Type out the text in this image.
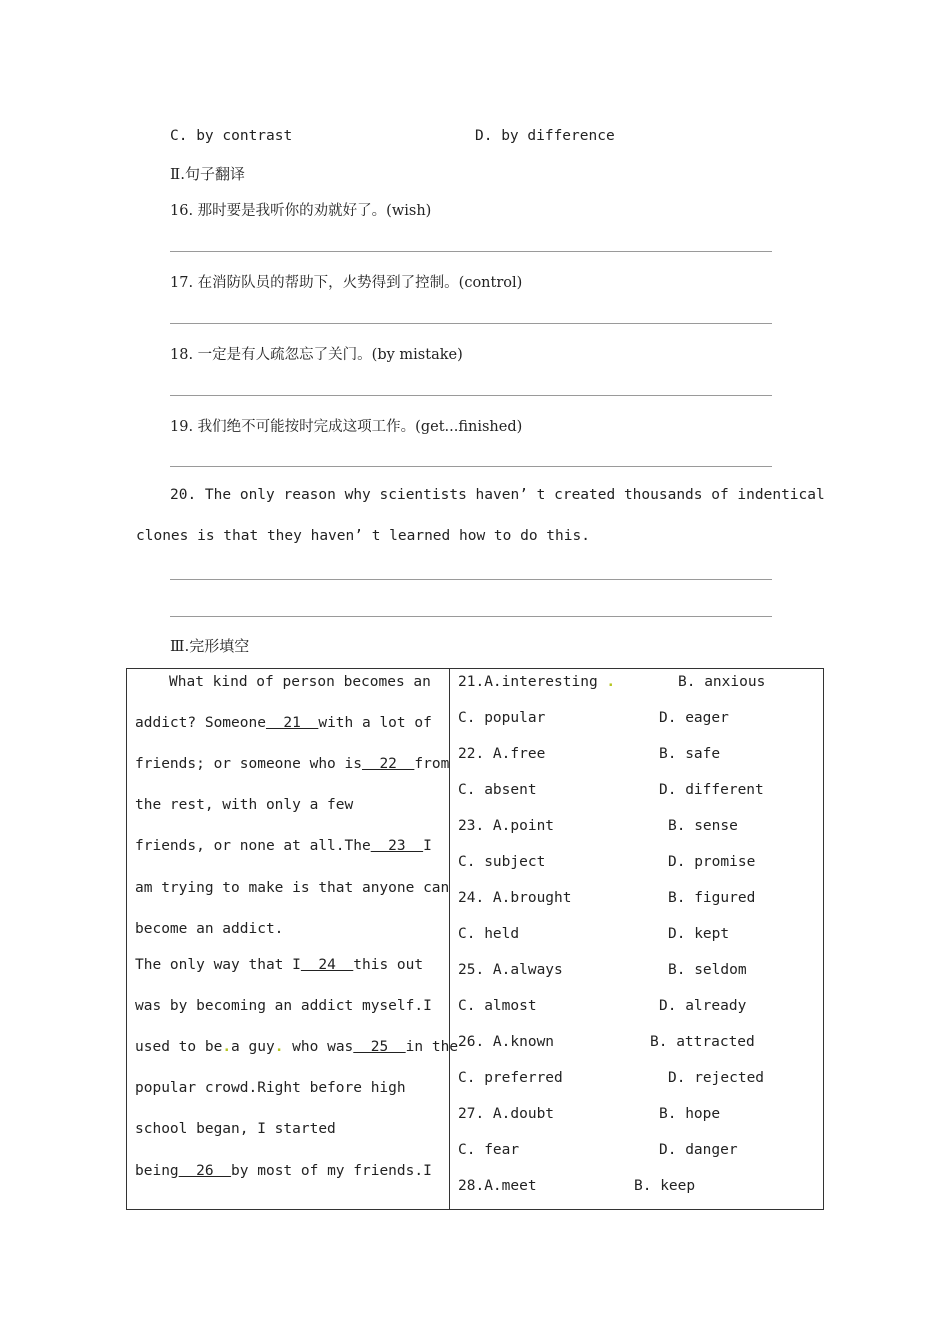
C. by contrast	D. by difference
Ⅱ.句子翻译
16. 那时要是我听你的劝就好了。(wish)
17. 在消防队员的帮助下，火势得到了控制。(control)
18. 一定是有人疏忽忘了关门。(by mistake)
19. 我们绝不可能按时完成这项工作。(get...finished)
20. The only reason why scientists haven’ t created thousands of indentical
clones is that they haven’ t learned how to do this.
Ⅲ.完形填空
What kind of person becomes an
addict? Someone  21  with a lot of
friends; or someone who is  22  from
the rest, with only a few
friends, or none at all.The  23  I
am trying to make is that anyone can
become an addict.
The only way that I  24  this out
was by becoming an addict myself.I
used to be.a guy. who was  25  in the
popular crowd.Right before high
school began, I started
being  26  by most of my friends.I

21.A.interesting .	B. anxious
C. popular	D. eager
22. A.free	B. safe
C. absent	D. different
23. A.point	B. sense
C. subject	D. promise
24. A.brought	B. figured
C. held	D. kept
25. A.always	B. seldom
C. almost	D. already
26. A.known	B. attracted
C. preferred	D. rejected
27. A.doubt	B. hope
C. fear	D. danger
28.A.meet	B. keep
